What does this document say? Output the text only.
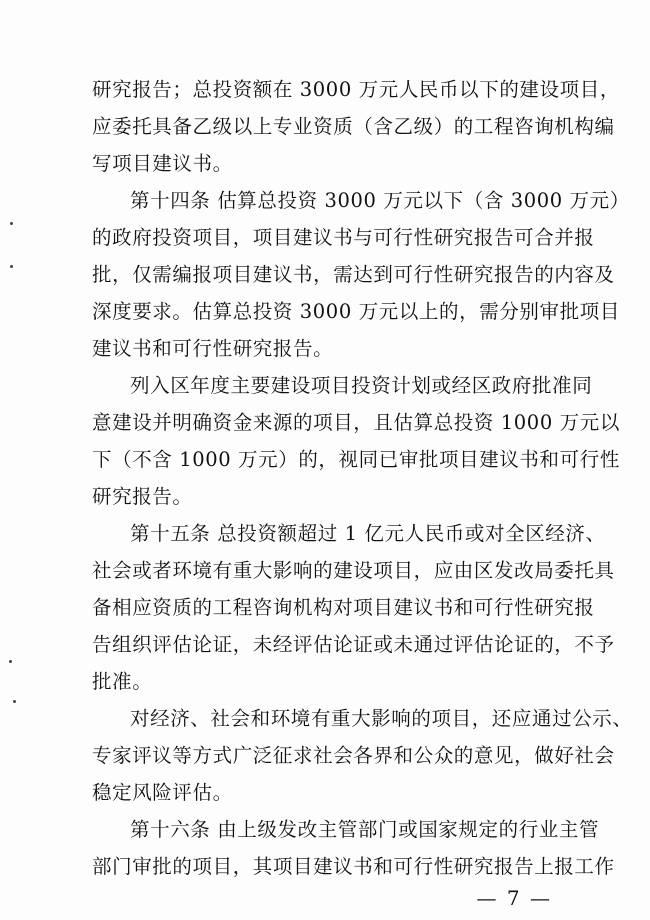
研究报告；总投资额在 3000 万元人民币以下的建设项目，
应委托具备乙级以上专业资质（含乙级）的工程咨询机构编
写项目建议书。
第十四条 估算总投资 3000 万元以下（含 3000 万元）
的政府投资项目，项目建议书与可行性研究报告可合并报
批，仅需编报项目建议书，需达到可行性研究报告的内容及
深度要求。估算总投资 3000 万元以上的，需分别审批项目
建议书和可行性研究报告。
列入区年度主要建设项目投资计划或经区政府批准同
意建设并明确资金来源的项目，且估算总投资 1000 万元以
下（不含 1000 万元）的，视同已审批项目建议书和可行性
研究报告。
第十五条 总投资额超过 1 亿元人民币或对全区经济、
社会或者环境有重大影响的建设项目，应由区发改局委托具
备相应资质的工程咨询机构对项目建议书和可行性研究报
告组织评估论证，未经评估论证或未通过评估论证的，不予
批准。
对经济、社会和环境有重大影响的项目，还应通过公示、
专家评议等方式广泛征求社会各界和公众的意见，做好社会
稳定风险评估。
第十六条 由上级发改主管部门或国家规定的行业主管
部门审批的项目，其项目建议书和可行性研究报告上报工作
— 7 —
